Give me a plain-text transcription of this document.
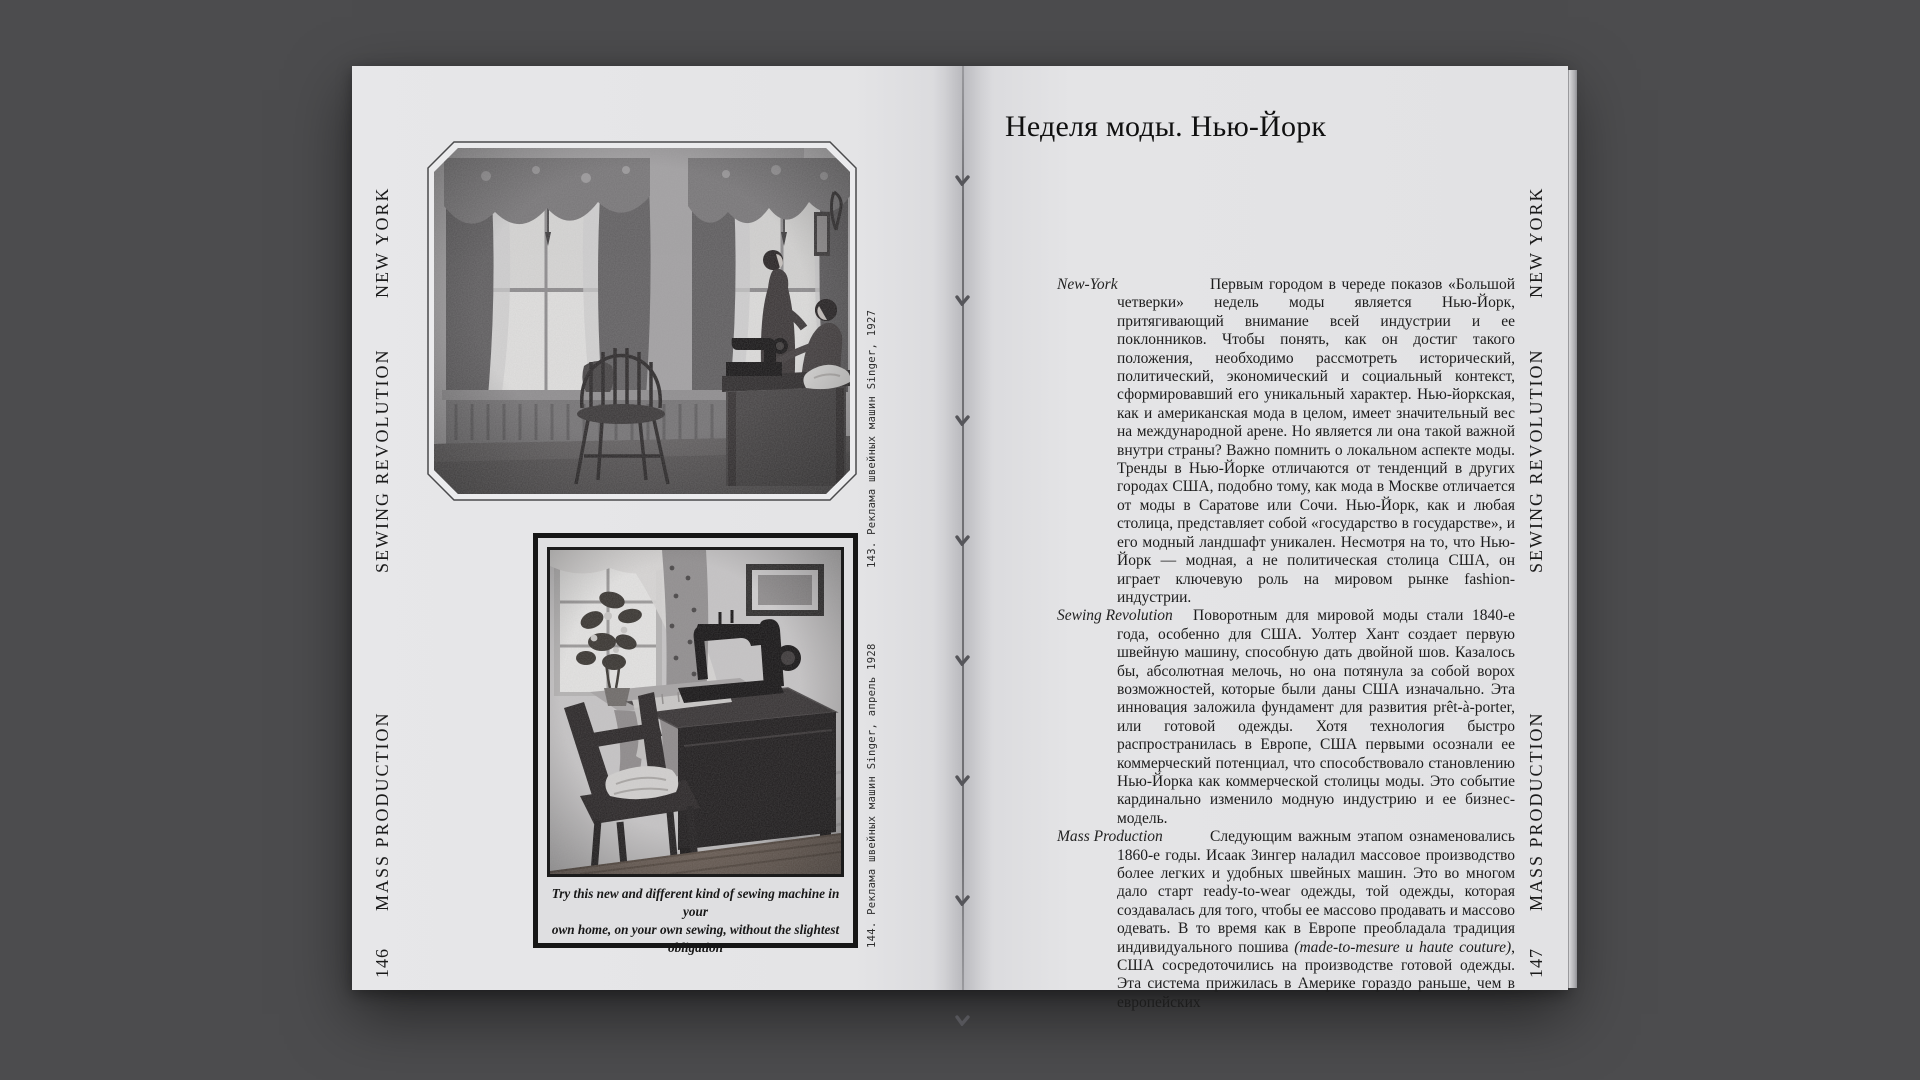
NEW YORK
SEWING REVOLUTION
MASS PRODUCTION
146
143. Реклама швейных машин Singer, 1927
Try this new and different kind of sewing machine in your
own home, on your own sewing, without the slightest obligation	144. Реклама швейных машин Singer, апрель 1928
Неделя моды. Нью-Йорк
New-York	Первым городом в череде показов «Большой четверки» недель моды является Нью-Йорк, притягивающий внимание всей индустрии и ее поклонников. Чтобы понять, как он достиг такого положения, необходимо рассмотреть исторический, политический, экономический и социальный контекст, сформировавший его уникальный характер. Нью-йоркская, как и американская мода в целом, имеет значительный вес на международной арене. Но является ли она такой важной внутри страны? Важно помнить о локальном аспекте моды. Тренды в Нью-Йорке отличаются от тенденций в других городах США, подобно тому, как мода в Москве отличается от моды в Саратове или Сочи. Нью-Йорк, как и любая столица, представляет собой «государство в государстве», и его модный ландшафт уникален. Несмотря на то, что Нью-Йорк — модная, а не политическая столица США, он играет ключевую роль на мировом рынке fashion-индустрии.
Sewing Revolution Поворотным для мировой моды стали 1840-е года, особенно для США. Уолтер Хант создает первую швейную машину, способную дать двойной шов. Казалось бы, абсолютная мелочь, но она потянула за собой ворох возможностей, которые были даны США изначально. Эта инновация заложила фундамент для развития prêt-à-porter, или готовой одежды. Хотя технология быстро распространилась в Европе, США первыми осознали ее коммерческий потенциал, что способствовало становлению Нью-Йорка как коммерческой столицы моды. Это событие кардинально изменило модную индустрию и ее бизнес-модель.
Mass Production	Следующим важным этапом ознаменовались 1860-е годы. Исаак Зингер наладил массовое производство более легких и удобных швейных машин. Это во многом дало старт ready-to-wear одежды, той одежды, которая создавалась для того, чтобы ее массово продавать и массово одевать. В то время как в Европе преобладала традиция индивидуального пошива (made-to-mesure и haute couture), США сосредоточились на производстве готовой одежды. Эта система прижилась в Америке гораздо раньше, чем в европейских
NEW YORK
SEWING REVOLUTION
MASS PRODUCTION
147
